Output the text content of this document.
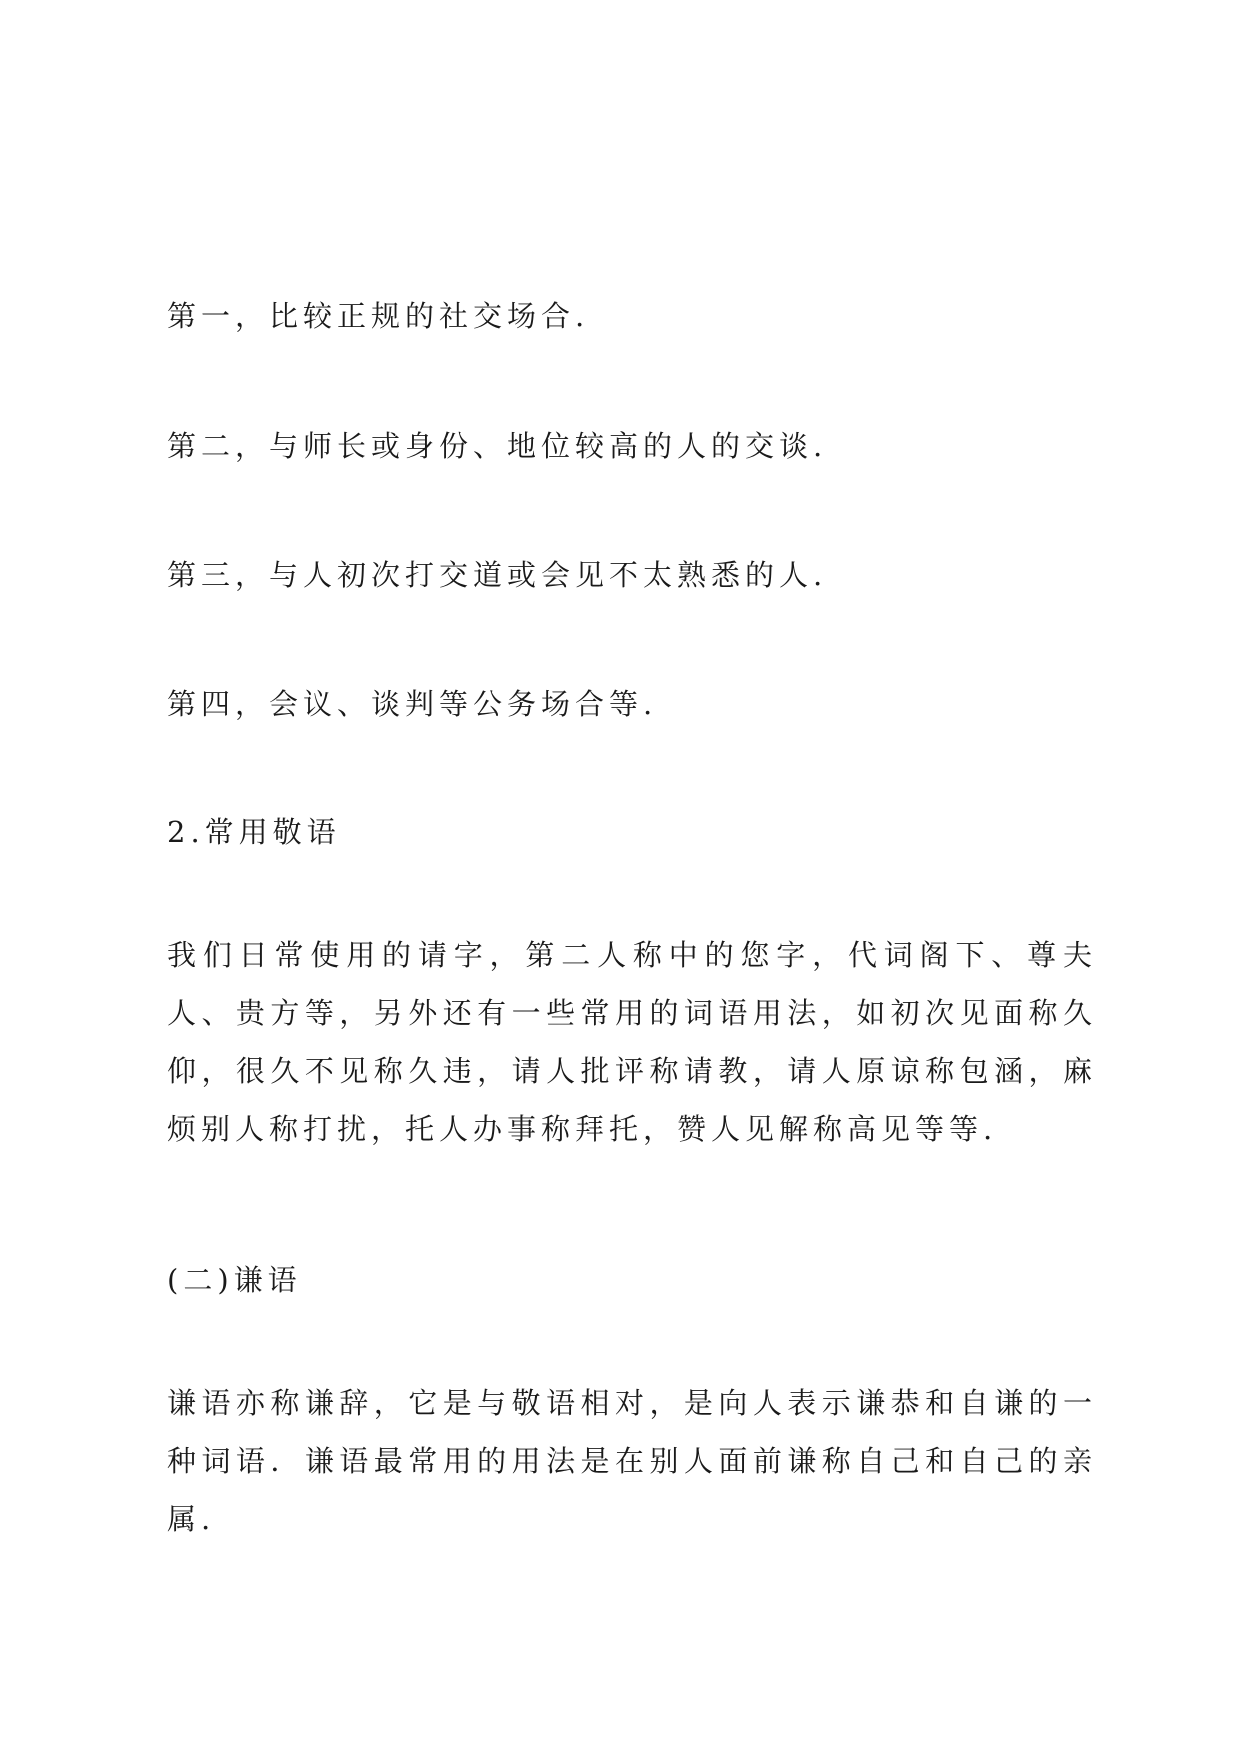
第一，比较正规的社交场合.
第二，与师长或身份、地位较高的人的交谈.
第三，与人初次打交道或会见不太熟悉的人.
第四，会议、谈判等公务场合等.
2.常用敬语
我们日常使用的请字，第二人称中的您字，代词阁下、尊夫人、贵方等，另外还有一些常用的词语用法，如初次见面称久仰，很久不见称久违，请人批评称请教，请人原谅称包涵，麻烦别人称打扰，托人办事称拜托，赞人见解称高见等等.
(二)谦语
谦语亦称谦辞，它是与敬语相对，是向人表示谦恭和自谦的一种词语．谦语最常用的用法是在别人面前谦称自己和自己的亲属.
